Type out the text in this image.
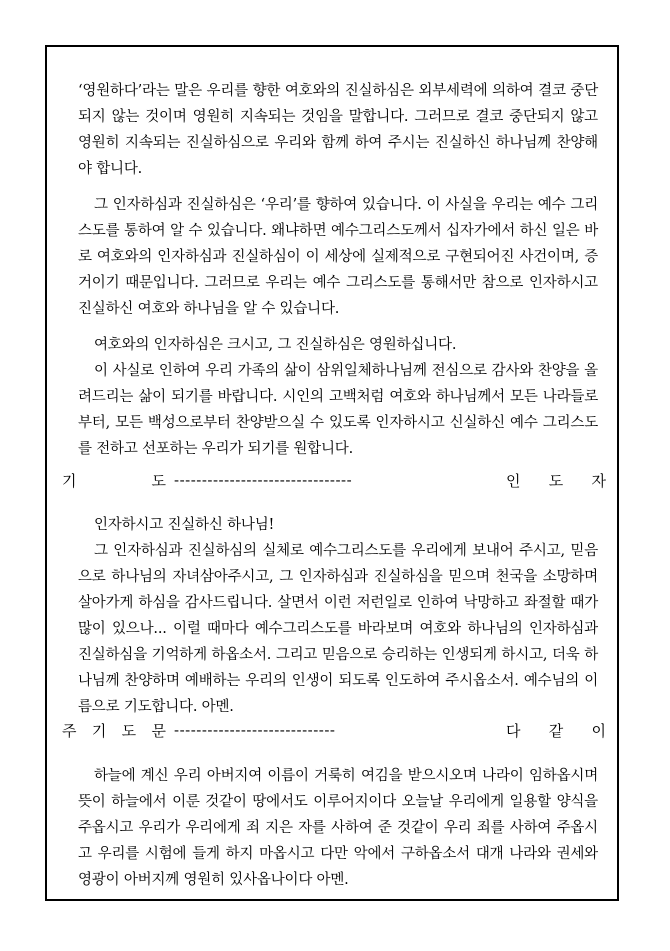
‘영원하다’라는 말은 우리를 향한 여호와의 진실하심은 외부세력에 의하여 결코 중단되지 않는 것이며 영원히 지속되는 것임을 말합니다. 그러므로 결코 중단되지 않고 영원히 지속되는 진실하심으로 우리와 함께 하여 주시는 진실하신 하나님께 찬양해야 합니다.

그 인자하심과 진실하심은 ‘우리’를 향하여 있습니다. 이 사실을 우리는 예수 그리스도를 통하여 알 수 있습니다. 왜냐하면 예수그리스도께서 십자가에서 하신 일은 바로 여호와의 인자하심과 진실하심이 이 세상에 실제적으로 구현되어진 사건이며, 증거이기 때문입니다. 그러므로 우리는 예수 그리스도를 통해서만 참으로 인자하시고 진실하신 여호와 하나님을 알 수 있습니다.

여호와의 인자하심은 크시고, 그 진실하심은 영원하십니다.

이 사실로 인하여 우리 가족의 삶이 삼위일체하나님께 전심으로 감사와 찬양을 올려드리는 삶이 되기를 바랍니다. 시인의 고백처럼 여호와 하나님께서 모든 나라들로부터, 모든 백성으로부터 찬양받으실 수 있도록 인자하시고 신실하신 예수 그리스도를 전하고 선포하는 우리가 되기를 원합니다.

기	도 --------------------------------	인 도 자

인자하시고 진실하신 하나님!

그 인자하심과 진실하심의 실체로 예수그리스도를 우리에게 보내어 주시고, 믿음으로 하나님의 자녀삼아주시고, 그 인자하심과 진실하심을 믿으며 천국을 소망하며 살아가게 하심을 감사드립니다. 살면서 이런 저런일로 인하여 낙망하고 좌절할 때가 많이 있으나... 이럴 때마다 예수그리스도를 바라보며 여호와 하나님의 인자하심과 진실하심을 기억하게 하옵소서. 그리고 믿음으로 승리하는 인생되게 하시고, 더욱 하나님께 찬양하며 예배하는 우리의 인생이 되도록 인도하여 주시옵소서. 예수님의 이름으로 기도합니다. 아멘.

주 기 도 문 -----------------------------	다 같 이

하늘에 계신 우리 아버지여 이름이 거룩히 여김을 받으시오며 나라이 임하옵시며 뜻이 하늘에서 이룬 것같이 땅에서도 이루어지이다 오늘날 우리에게 일용할 양식을 주옵시고 우리가 우리에게 죄 지은 자를 사하여 준 것같이 우리 죄를 사하여 주옵시고 우리를 시험에 들게 하지 마옵시고 다만 악에서 구하옵소서 대개 나라와 권세와 영광이 아버지께 영원히 있사옵나이다 아멘.
